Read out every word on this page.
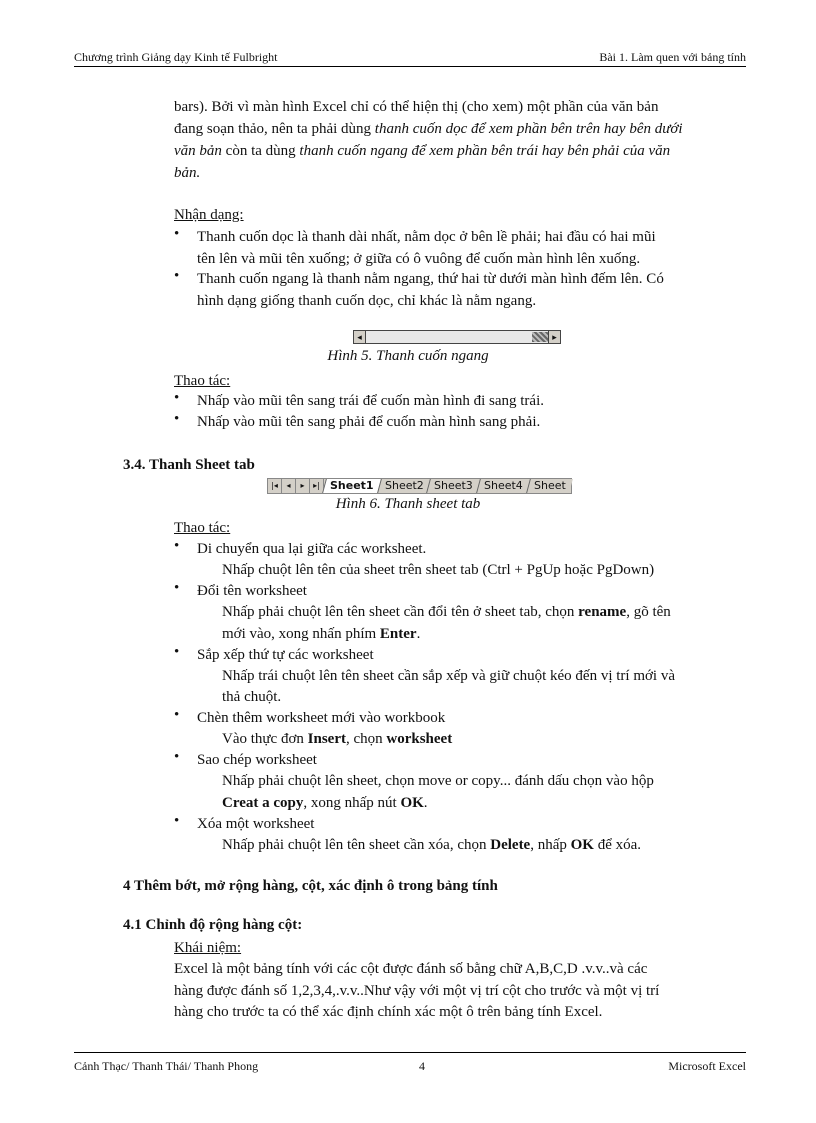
Chương trình Giảng dạy Kinh tế Fulbright	Bài 1. Làm quen với bảng tính
bars). Bởi vì màn hình Excel chỉ có thể hiện thị (cho xem) một phần của văn bản
đang soạn thảo, nên ta phải dùng thanh cuốn dọc để xem phần bên trên hay bên dưới
văn bản còn ta dùng thanh cuốn ngang để xem phần bên trái hay bên phải của văn
bản.
Nhận dạng:
• Thanh cuốn dọc là thanh dài nhất, nằm dọc ở bên lề phải; hai đầu có hai mũi
tên lên và mũi tên xuống; ở giữa có ô vuông để cuốn màn hình lên xuống.
• Thanh cuốn ngang là thanh nằm ngang, thứ hai từ dưới màn hình đếm lên. Có
hình dạng giống thanh cuốn dọc, chỉ khác là nằm ngang.
◂	▸
Hình 5. Thanh cuốn ngang
Thao tác:
• Nhấp vào mũi tên sang trái để cuốn màn hình đi sang trái.
• Nhấp vào mũi tên sang phải để cuốn màn hình sang phải.
3.4. Thanh Sheet tab
|◂	◂	▸	▸| Sheet1	Sheet2	Sheet3	Sheet4	Sheet
Hình 6. Thanh sheet tab
Thao tác:
• Di chuyển qua lại giữa các worksheet.
Nhấp chuột lên tên của sheet trên sheet tab (Ctrl + PgUp hoặc PgDown)
• Đổi tên worksheet
Nhấp phải chuột lên tên sheet cần đổi tên ở sheet tab, chọn rename, gõ tên
mới vào, xong nhấn phím Enter.
• Sắp xếp thứ tự các worksheet
Nhấp trái chuột lên tên sheet cần sắp xếp và giữ chuột kéo đến vị trí mới và
thả chuột.
• Chèn thêm worksheet mới vào workbook
Vào thực đơn Insert, chọn worksheet
• Sao chép worksheet
Nhấp phải chuột lên sheet, chọn move or copy... đánh dấu chọn vào hộp
Creat a copy, xong nhấp nút OK.
• Xóa một worksheet
Nhấp phải chuột lên tên sheet cần xóa, chọn Delete, nhấp OK để xóa.
4 Thêm bớt, mở rộng hàng, cột, xác định ô trong bảng tính
4.1 Chỉnh độ rộng hàng cột:
Khái niệm:
Excel là một bảng tính với các cột được đánh số bằng chữ A,B,C,D .v.v..và các
hàng được đánh số 1,2,3,4,.v.v..Như vậy với một vị trí cột cho trước và một vị trí
hàng cho trước ta có thể xác định chính xác một ô trên bảng tính Excel.
Cảnh Thạc/ Thanh Thái/ Thanh Phong	4	Microsoft Excel
